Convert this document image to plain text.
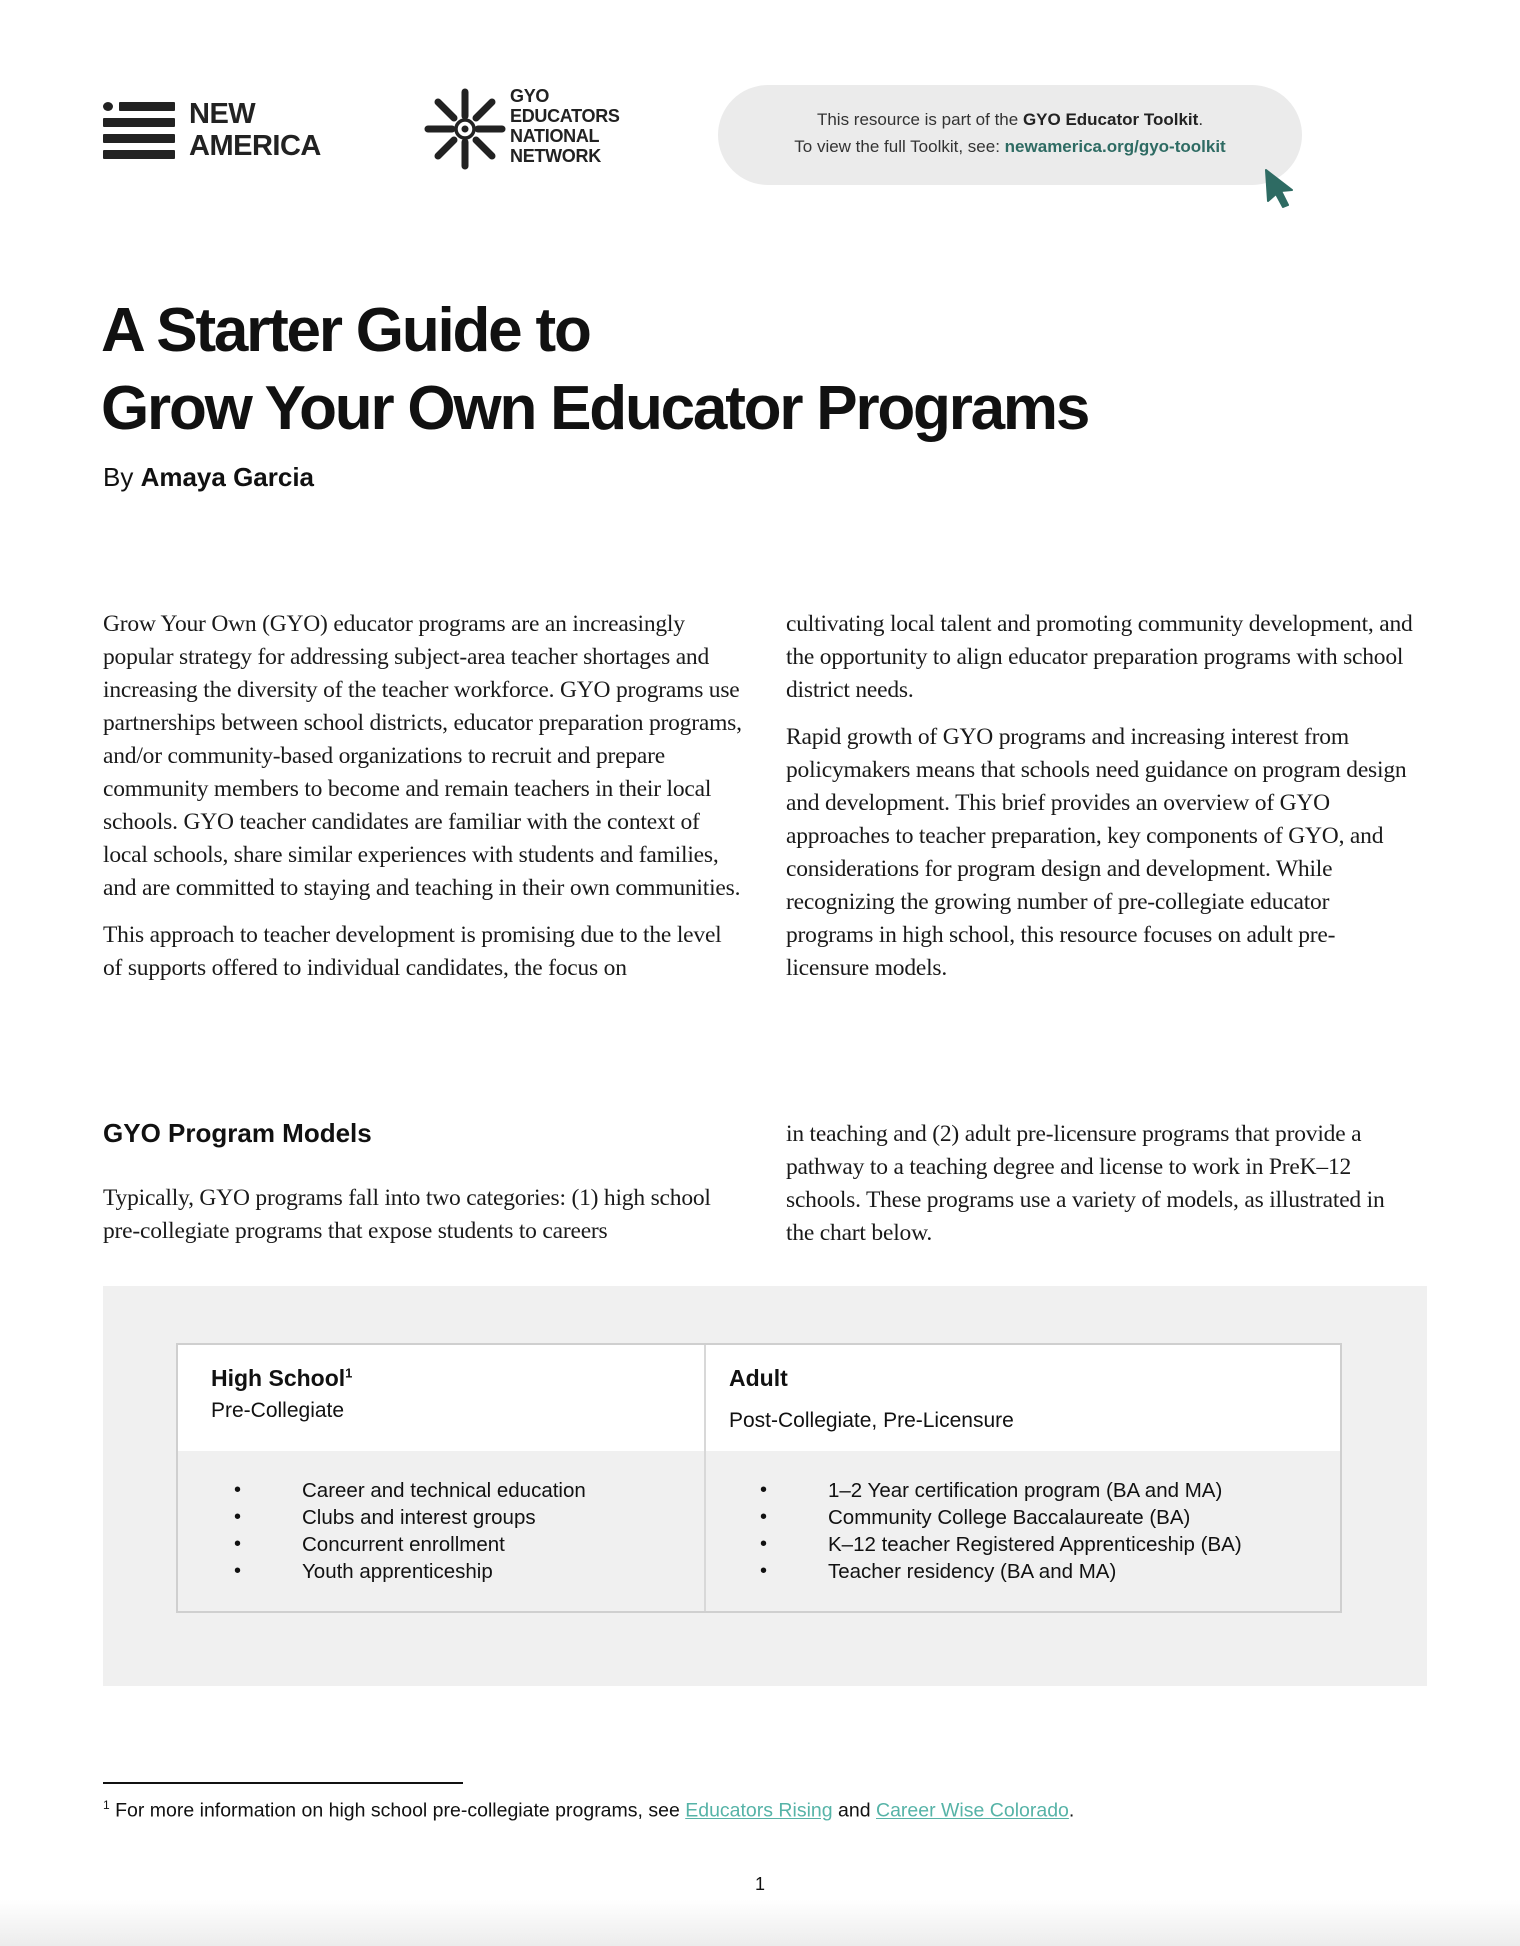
NEW
AMERICA
GYO
EDUCATORS
NATIONAL
NETWORK
This resource is part of the GYO Educator Toolkit.
To view the full Toolkit, see: newamerica.org/gyo-toolkit
A Starter Guide to
Grow Your Own Educator Programs
By Amaya Garcia

Grow Your Own (GYO) educator programs are an increasingly popular strategy for addressing subject-area teacher shortages and increasing the diversity of the teacher workforce. GYO programs use partnerships between school districts, educator preparation programs, and/or community-based organizations to recruit and prepare community members to become and remain teachers in their local schools. GYO teacher candidates are familiar with the context of local schools, share similar experiences with students and families, and are committed to staying and teaching in their own communities.

This approach to teacher development is promising due to the level of supports offered to individual candidates, the focus on

cultivating local talent and promoting community development, and the opportunity to align educator preparation programs with school district needs.

Rapid growth of GYO programs and increasing interest from policymakers means that schools need guidance on program design and development. This brief provides an overview of GYO approaches to teacher preparation, key components of GYO, and considerations for program design and development. While recognizing the growing number of pre-collegiate educator programs in high school, this resource focuses on adult pre-licensure models.

GYO Program Models

Typically, GYO programs fall into two categories: (1) high school pre-collegiate programs that expose students to careers

in teaching and (2) adult pre-licensure programs that provide a pathway to a teaching degree and license to work in PreK–12 schools. These programs use a variety of models, as illustrated in the chart below.

High School$^1$
Pre-Collegiate
Adult
Post-Collegiate, Pre-Licensure
• Career and technical education
• Clubs and interest groups
• Concurrent enrollment
• Youth apprenticeship
• 1–2 Year certification program (BA and MA)
• Community College Baccalaureate (BA)
• K–12 teacher Registered Apprenticeship (BA)
• Teacher residency (BA and MA)
$^1$ For more information on high school pre-collegiate programs, see Educators Rising and Career Wise Colorado.
1
